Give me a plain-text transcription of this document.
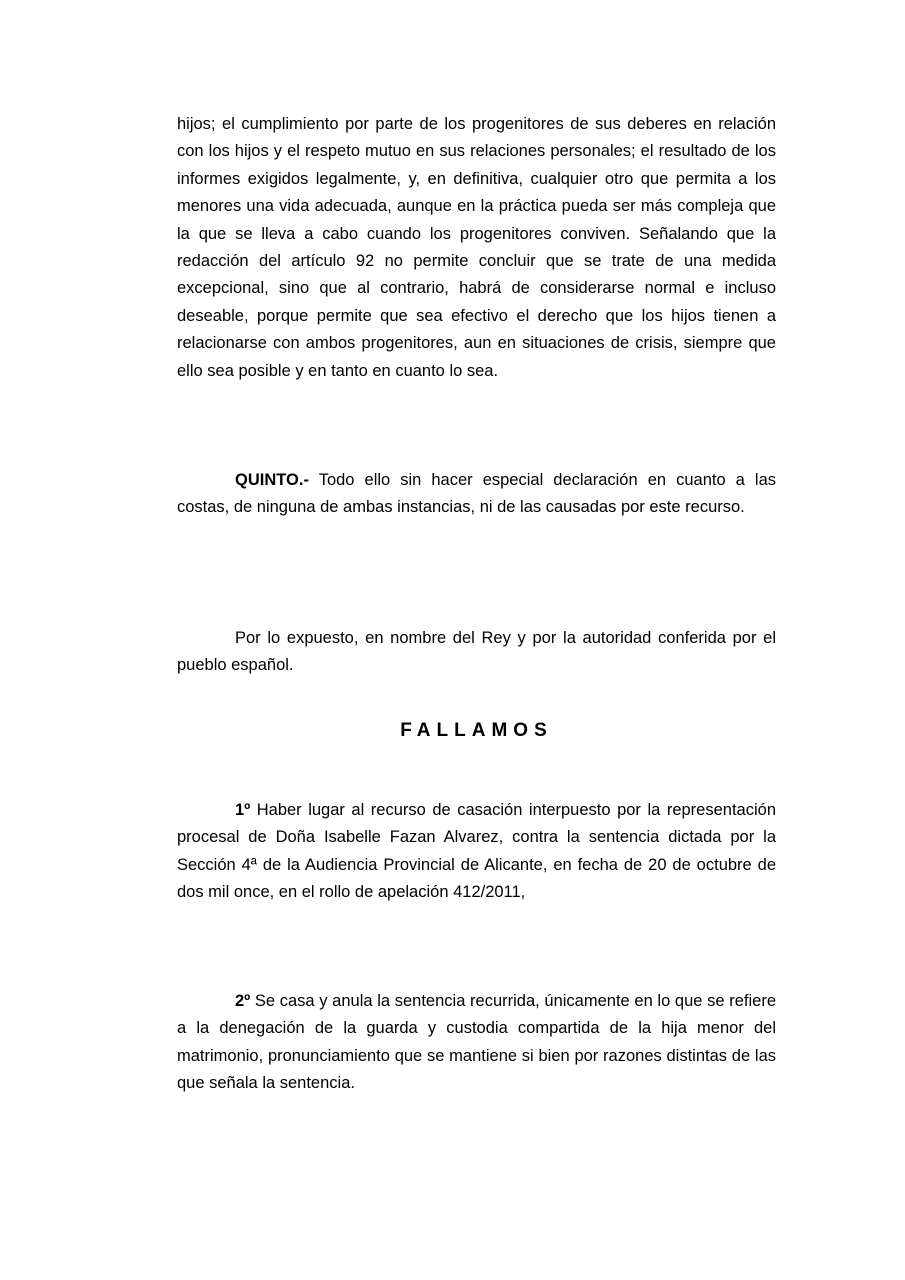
hijos; el cumplimiento por parte de los progenitores de sus deberes en relación con los hijos y el respeto mutuo en sus relaciones personales; el resultado de los informes exigidos legalmente, y, en definitiva, cualquier otro que permita a los menores una vida adecuada, aunque en la práctica pueda ser más compleja que la que se lleva a cabo cuando los progenitores conviven. Señalando que la redacción del artículo 92 no permite concluir que se trate de una medida excepcional, sino que al contrario, habrá de considerarse normal e incluso deseable, porque permite que sea efectivo el derecho que los hijos tienen a relacionarse con ambos progenitores, aun en situaciones de crisis, siempre que ello sea posible y en tanto en cuanto lo sea.

QUINTO.- Todo ello sin hacer especial declaración en cuanto a las costas, de ninguna de ambas instancias, ni de las causadas por este recurso.

Por lo expuesto, en nombre del Rey y por la autoridad conferida por el pueblo español.

FALLAMOS

1º Haber lugar al recurso de casación interpuesto por la representación procesal de Doña Isabelle Fazan Alvarez, contra la sentencia dictada por la Sección 4ª de la Audiencia Provincial de Alicante, en fecha de 20 de octubre de dos mil once, en el rollo de apelación 412/2011,

2º Se casa y anula la sentencia recurrida, únicamente en lo que se refiere a la denegación de la guarda y custodia compartida de la hija menor del matrimonio, pronunciamiento que se mantiene si bien por razones distintas de las que señala la sentencia.
